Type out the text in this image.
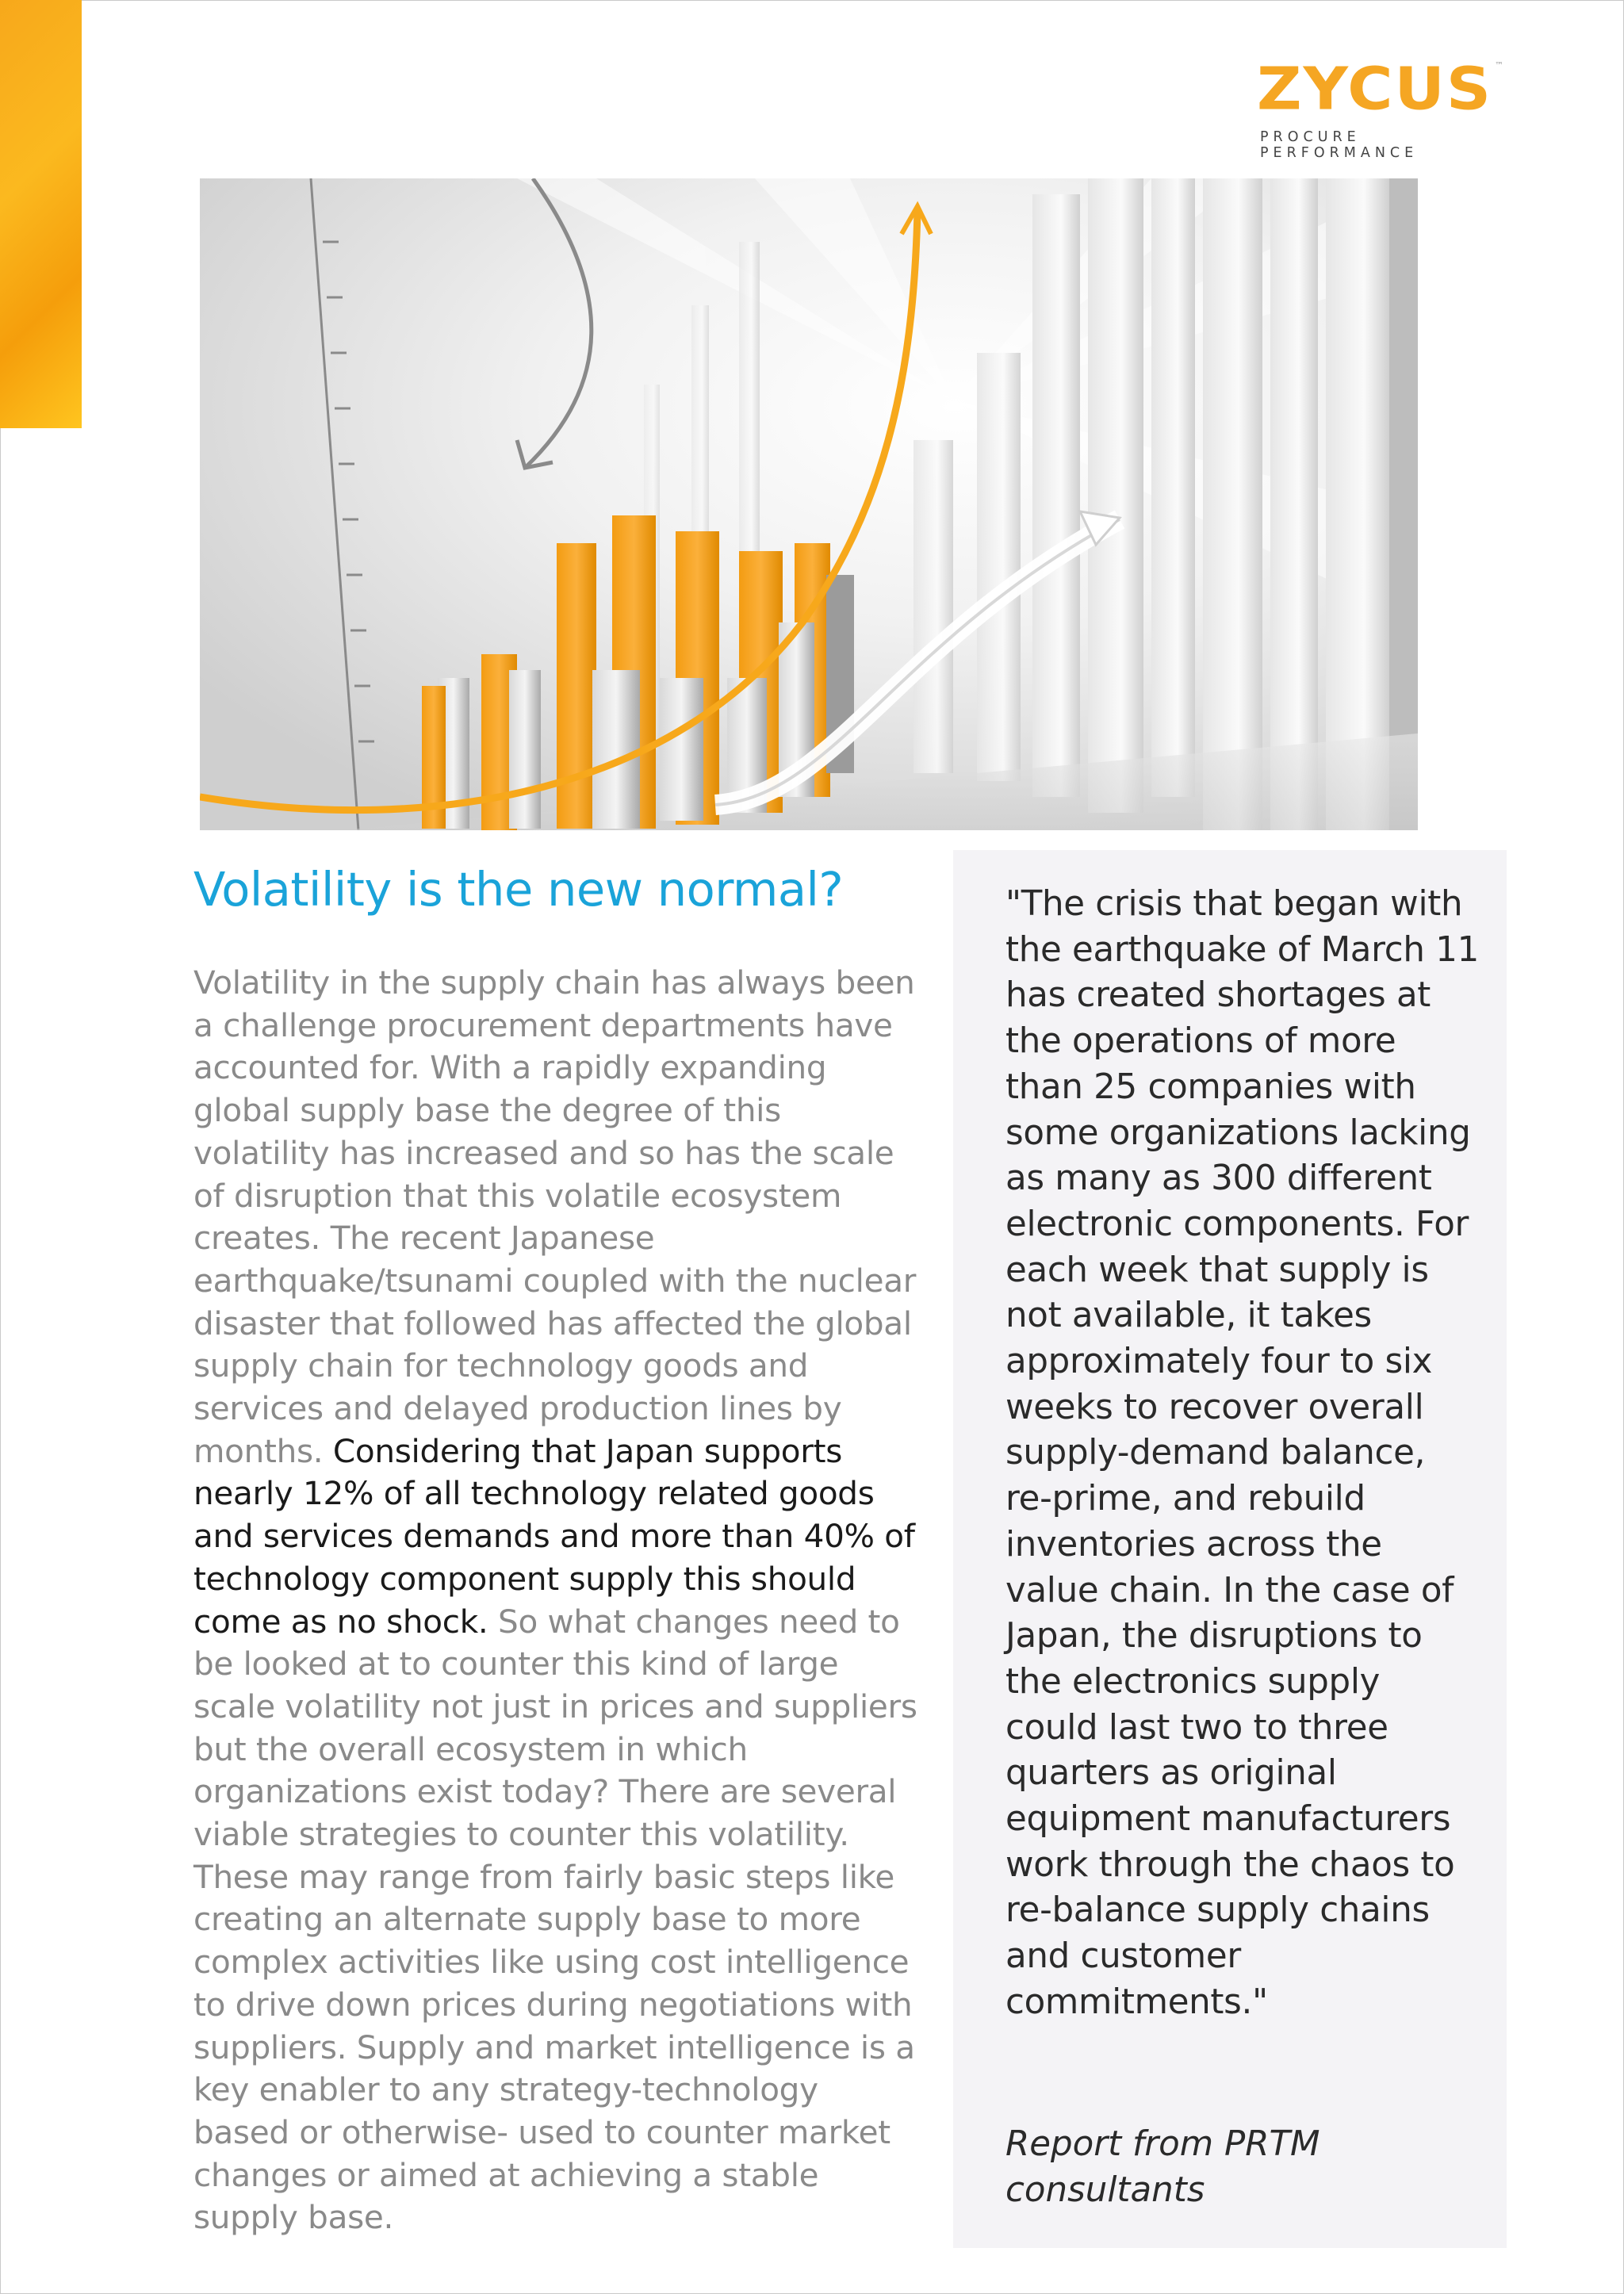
ZYCUS ™
PROCURE PERFORMANCE
Volatility is the new normal?
Volatility in the supply chain has always been a challenge procurement departments have accounted for. With a rapidly expanding global supply base the degree of this volatility has increased and so has the scale of disruption that this volatile ecosystem creates. The recent Japanese earthquake/tsunami coupled with the nuclear disaster that followed has affected the global supply chain for technology goods and services and delayed production lines by months. Considering that Japan supports nearly 12% of all technology related goods and services demands and more than 40% of technology component supply this should come as no shock. So what changes need to be looked at to counter this kind of large scale volatility not just in prices and suppliers but the overall ecosystem in which organizations exist today? There are several viable strategies to counter this volatility. These may range from fairly basic steps like creating an alternate supply base to more complex activities like using cost intelligence to drive down prices during negotiations with suppliers. Supply and market intelligence is a key enabler to any strategy-technology based or otherwise- used to counter market changes or aimed at achieving a stable supply base.
"The crisis that began with the earthquake of March 11 has created shortages at the operations of more than 25 companies with some organizations lacking as many as 300 different electronic components. For each week that supply is not available, it takes approximately four to six weeks to recover overall supply-demand balance, re-prime, and rebuild inventories across the value chain. In the case of Japan, the disruptions to the electronics supply could last two to three quarters as original equipment manufacturers work through the chaos to re-balance supply chains and customer commitments."
Report from PRTM consultants
